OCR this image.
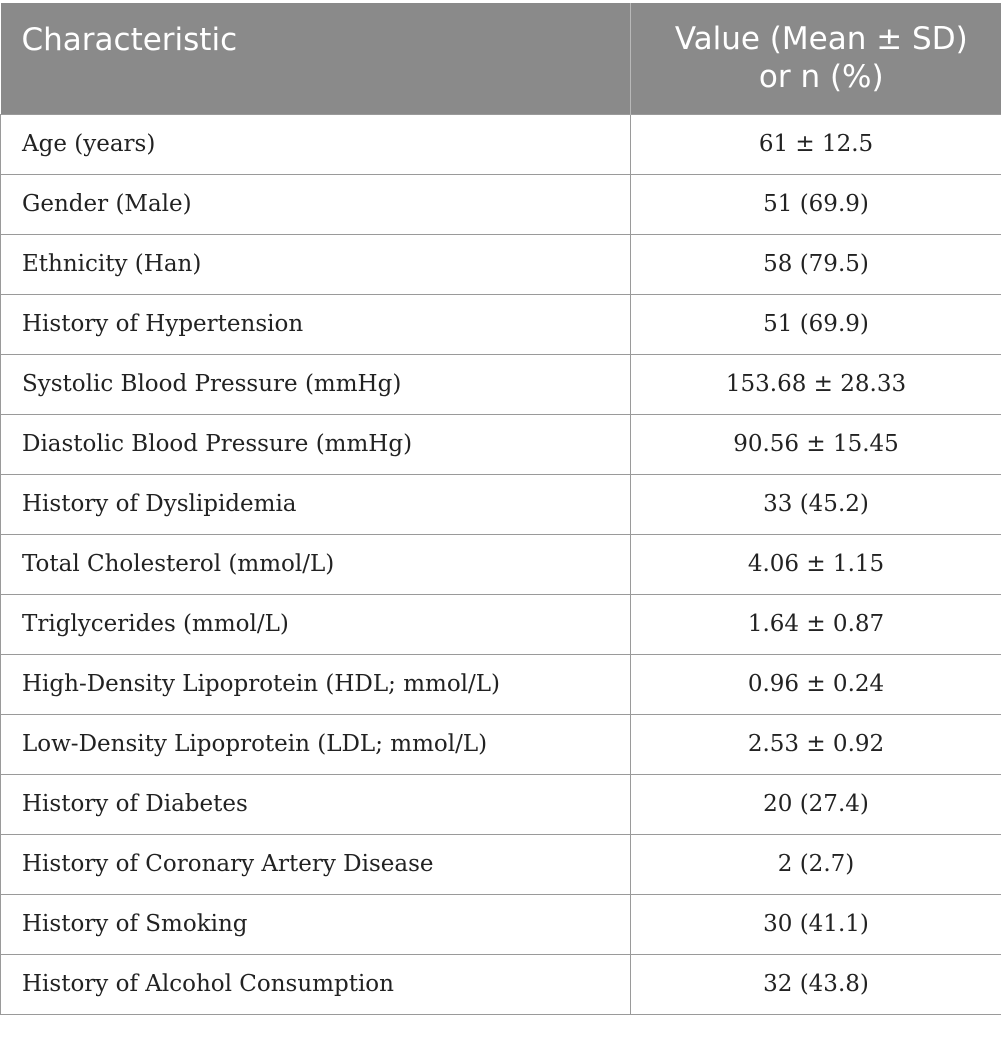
Characteristic	Value (Mean ± SD)
or n (%)

Age (years)	61 ± 12.5
Gender (Male)	51 (69.9)
Ethnicity (Han)	58 (79.5)
History of Hypertension	51 (69.9)
Systolic Blood Pressure (mmHg)	153.68 ± 28.33
Diastolic Blood Pressure (mmHg)	90.56 ± 15.45
History of Dyslipidemia	33 (45.2)
Total Cholesterol (mmol/L)	4.06 ± 1.15
Triglycerides (mmol/L)	1.64 ± 0.87
High-Density Lipoprotein (HDL; mmol/L)	0.96 ± 0.24
Low-Density Lipoprotein (LDL; mmol/L)	2.53 ± 0.92
History of Diabetes	20 (27.4)
History of Coronary Artery Disease	2 (2.7)
History of Smoking	30 (41.1)
History of Alcohol Consumption	32 (43.8)
